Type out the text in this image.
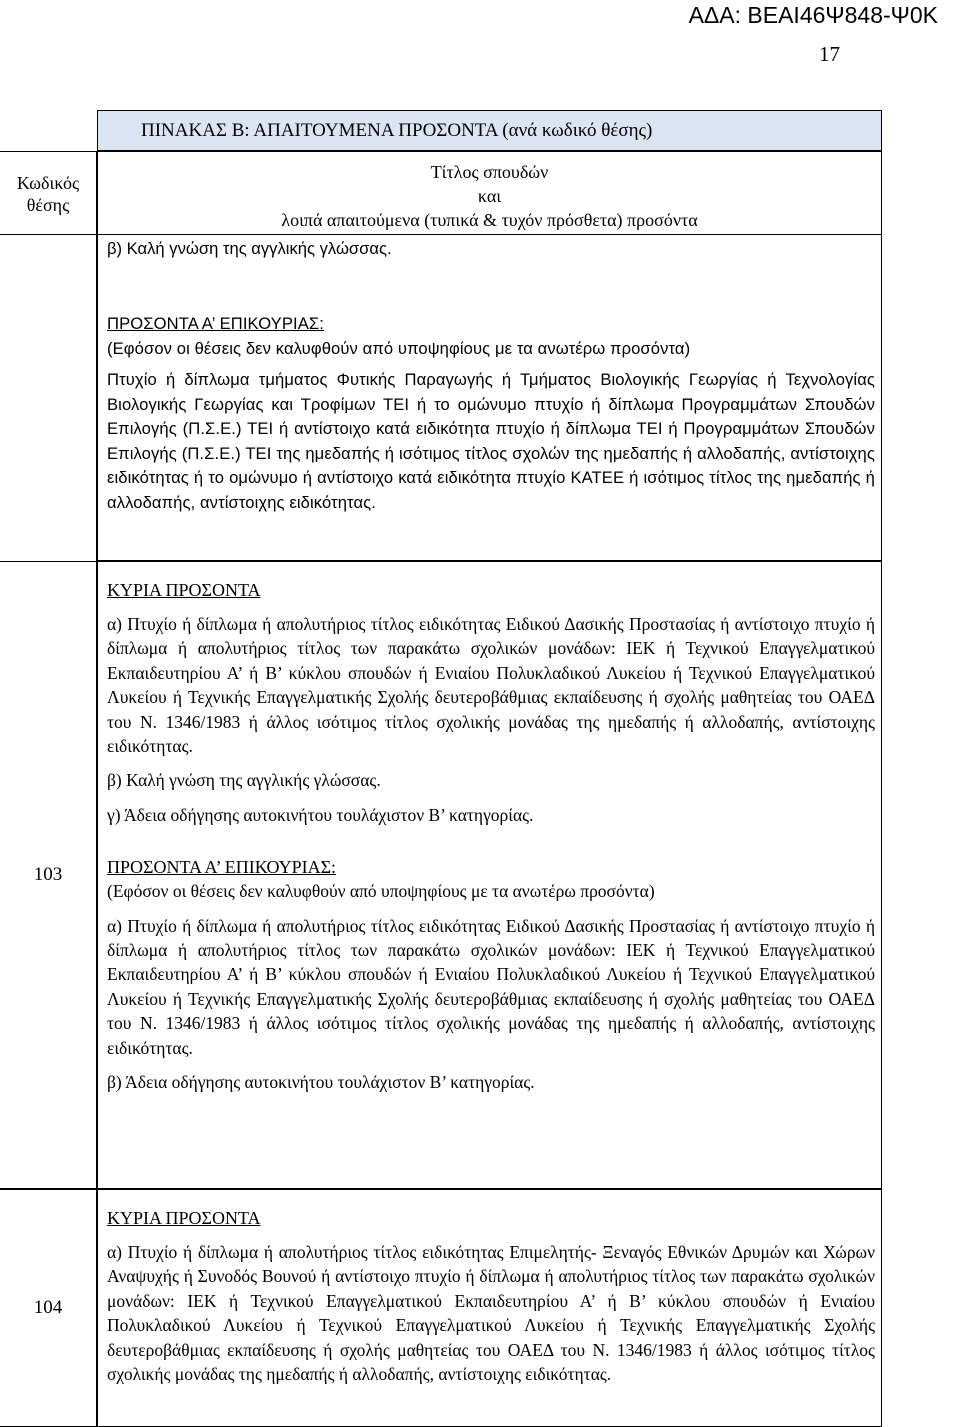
ΑΔΑ: ΒΕΑΙ46Ψ848-Ψ0Κ
17
ΠΙΝΑΚΑΣ Β: ΑΠΑΙΤΟΥΜΕΝΑ ΠΡΟΣΟΝΤΑ (ανά κωδικό θέσης)
Κωδικός
θέσης
Τίτλος σπουδών
και
λοιπά απαιτούμενα (τυπικά & τυχόν πρόσθετα) προσόντα
β) Καλή γνώση της αγγλικής γλώσσας.

ΠΡΟΣΟΝΤΑ Α’ ΕΠΙΚΟΥΡΙΑΣ:

(Εφόσον οι θέσεις δεν καλυφθούν από υποψηφίους με τα ανωτέρω προσόντα)

Πτυχίο ή δίπλωμα τμήματος Φυτικής Παραγωγής ή Τμήματος Βιολογικής Γεωργίας ή Τεχνολογίας Βιολογικής Γεωργίας και Τροφίμων ΤΕΙ ή το ομώνυμο πτυχίο ή δίπλωμα Προγραμμάτων Σπουδών Επιλογής (Π.Σ.Ε.) ΤΕΙ ή αντίστοιχο κατά ειδικότητα πτυχίο ή δίπλωμα ΤΕΙ ή Προγραμμάτων Σπουδών Επιλογής (Π.Σ.Ε.) ΤΕΙ της ημεδαπής ή ισότιμος τίτλος σχολών της ημεδαπής ή αλλοδαπής, αντίστοιχης ειδικότητας ή το ομώνυμο ή αντίστοιχο κατά ειδικότητα πτυχίο ΚΑΤΕΕ ή ισότιμος τίτλος της ημεδαπής ή αλλοδαπής, αντίστοιχης ειδικότητας.

103

ΚΥΡΙΑ ΠΡΟΣΟΝΤΑ

α) Πτυχίο ή δίπλωμα ή απολυτήριος τίτλος ειδικότητας Ειδικού Δασικής Προστασίας ή αντίστοιχο πτυχίο ή δίπλωμα ή απολυτήριος τίτλος των παρακάτω σχολικών μονάδων: ΙΕΚ ή Τεχνικού Επαγγελματικού Εκπαιδευτηρίου Α’ ή Β’ κύκλου σπουδών ή Ενιαίου Πολυκλαδικού Λυκείου ή Τεχνικού Επαγγελματικού Λυκείου ή Τεχνικής Επαγγελματικής Σχολής δευτεροβάθμιας εκπαίδευσης ή σχολής μαθητείας του ΟΑΕΔ του Ν. 1346/1983 ή άλλος ισότιμος τίτλος σχολικής μονάδας της ημεδαπής ή αλλοδαπής, αντίστοιχης ειδικότητας.

β) Καλή γνώση της αγγλικής γλώσσας.

γ) Άδεια οδήγησης αυτοκινήτου τουλάχιστον Β’ κατηγορίας.

ΠΡΟΣΟΝΤΑ Α’ ΕΠΙΚΟΥΡΙΑΣ:

(Εφόσον οι θέσεις δεν καλυφθούν από υποψηφίους με τα ανωτέρω προσόντα)

α) Πτυχίο ή δίπλωμα ή απολυτήριος τίτλος ειδικότητας Ειδικού Δασικής Προστασίας ή αντίστοιχο πτυχίο ή δίπλωμα ή απολυτήριος τίτλος των παρακάτω σχολικών μονάδων: ΙΕΚ ή Τεχνικού Επαγγελματικού Εκπαιδευτηρίου Α’ ή Β’ κύκλου σπουδών ή Ενιαίου Πολυκλαδικού Λυκείου ή Τεχνικού Επαγγελματικού Λυκείου ή Τεχνικής Επαγγελματικής Σχολής δευτεροβάθμιας εκπαίδευσης ή σχολής μαθητείας του ΟΑΕΔ του Ν. 1346/1983 ή άλλος ισότιμος τίτλος σχολικής μονάδας της ημεδαπής ή αλλοδαπής, αντίστοιχης ειδικότητας.

β) Άδεια οδήγησης αυτοκινήτου τουλάχιστον Β’ κατηγορίας.

104

ΚΥΡΙΑ ΠΡΟΣΟΝΤΑ

α) Πτυχίο ή δίπλωμα ή απολυτήριος τίτλος ειδικότητας Επιμελητής- Ξεναγός Εθνικών Δρυμών και Χώρων Αναψυχής ή Συνοδός Βουνού ή αντίστοιχο πτυχίο ή δίπλωμα ή απολυτήριος τίτλος των παρακάτω σχολικών μονάδων: ΙΕΚ ή Τεχνικού Επαγγελματικού Εκπαιδευτηρίου Α’ ή Β’ κύκλου σπουδών ή Ενιαίου Πολυκλαδικού Λυκείου ή Τεχνικού Επαγγελματικού Λυκείου ή Τεχνικής Επαγγελματικής Σχολής δευτεροβάθμιας εκπαίδευσης ή σχολής μαθητείας του ΟΑΕΔ του Ν. 1346/1983 ή άλλος ισότιμος τίτλος σχολικής μονάδας της ημεδαπής ή αλλοδαπής, αντίστοιχης ειδικότητας.
